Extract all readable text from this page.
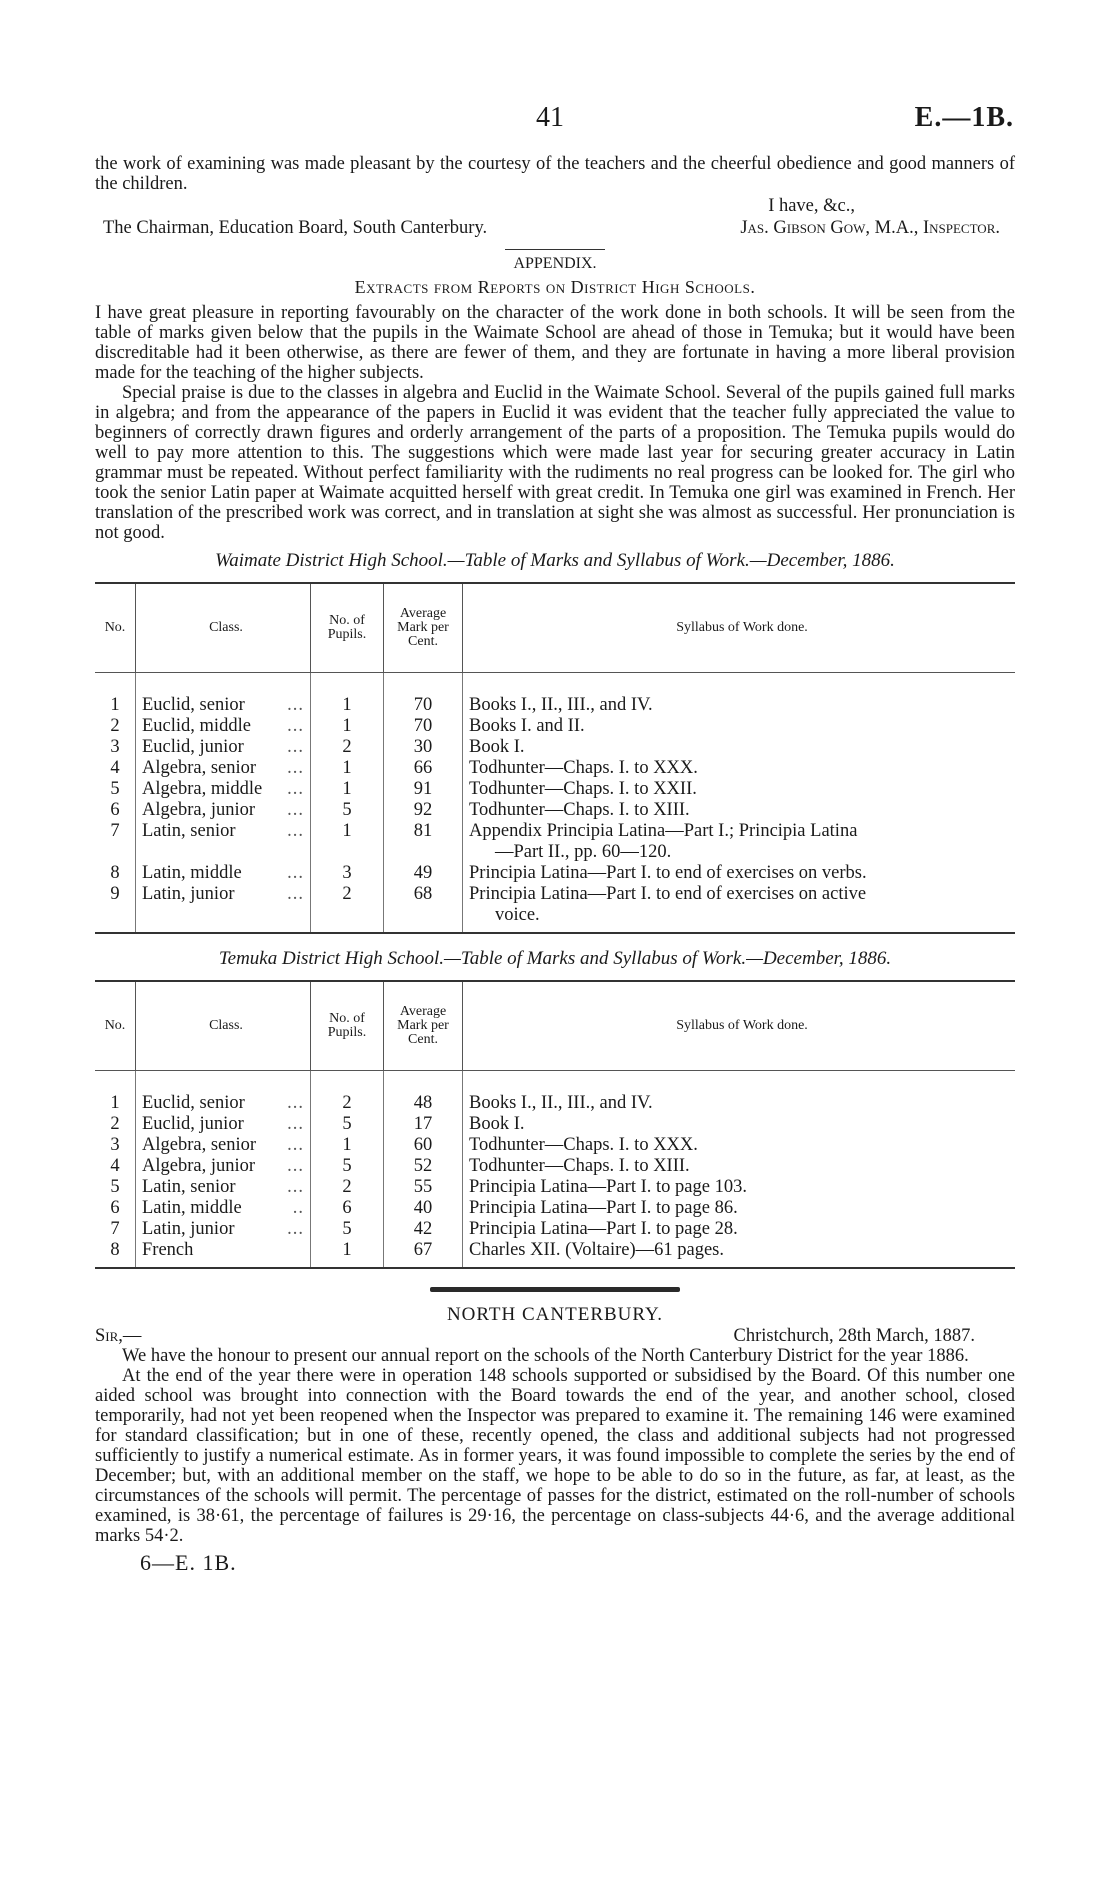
41	E.—1B.

the work of examining was made pleasant by the courtesy of the teachers and the cheerful obedience and good manners of the children.

I have, &c.,
The Chairman, Education Board, South Canterbury.	Jas. Gibson Gow, M.A., Inspector.

APPENDIX.

Extracts from Reports on District High Schools.

I have great pleasure in reporting favourably on the character of the work done in both schools. It will be seen from the table of marks given below that the pupils in the Waimate School are ahead of those in Temuka; but it would have been discreditable had it been otherwise, as there are fewer of them, and they are fortunate in having a more liberal provision made for the teaching of the higher subjects.

Special praise is due to the classes in algebra and Euclid in the Waimate School. Several of the pupils gained full marks in algebra; and from the appearance of the papers in Euclid it was evident that the teacher fully appreciated the value to beginners of correctly drawn figures and orderly arrangement of the parts of a proposition. The Temuka pupils would do well to pay more attention to this. The suggestions which were made last year for securing greater accuracy in Latin grammar must be repeated. Without perfect familiarity with the rudiments no real progress can be looked for. The girl who took the senior Latin paper at Waimate acquitted herself with great credit. In Temuka one girl was examined in French. Her translation of the prescribed work was correct, and in translation at sight she was almost as successful. Her pronunciation is not good.

Waimate District High School.—Table of Marks and Syllabus of Work.—December, 1886.

No.	Class.	No. of Pupils.	Average Mark per Cent.	Syllabus of Work done.

1	Euclid, senior ...	1	70	Books I., II., III., and IV.
2	Euclid, middle ...	1	70	Books I. and II.
3	Euclid, junior ...	2	30	Book I.
4	Algebra, senior ...	1	66	Todhunter—Chaps. I. to XXX.
5	Algebra, middle ...	1	91	Todhunter—Chaps. I. to XXII.
6	Algebra, junior ...	5	92	Todhunter—Chaps. I. to XIII.
7	Latin, senior ...	1	81	Appendix Principia Latina—Part I.; Principia Latina
—Part II., pp. 60—120.

8	Latin, middle ...	3	49	Principia Latina—Part I. to end of exercises on verbs.
9	Latin, junior ...	2	68	Principia Latina—Part I. to end of exercises on active
voice.

Temuka District High School.—Table of Marks and Syllabus of Work.—December, 1886.

No.	Class.	No. of Pupils.	Average Mark per Cent.	Syllabus of Work done.

1	Euclid, senior ...	2	48	Books I., II., III., and IV.
2	Euclid, junior ...	5	17	Book I.
3	Algebra, senior ...	1	60	Todhunter—Chaps. I. to XXX.
4	Algebra, junior ...	5	52	Todhunter—Chaps. I. to XIII.
5	Latin, senior ...	2	55	Principia Latina—Part I. to page 103.
6	Latin, middle ..	6	40	Principia Latina—Part I. to page 86.
7	Latin, junior ...	5	42	Principia Latina—Part I. to page 28.
8	French	1	67	Charles XII. (Voltaire)—61 pages.

NORTH CANTERBURY.

Sir,—	Christchurch, 28th March, 1887.

We have the honour to present our annual report on the schools of the North Canterbury District for the year 1886.

At the end of the year there were in operation 148 schools supported or subsidised by the Board. Of this number one aided school was brought into connection with the Board towards the end of the year, and another school, closed temporarily, had not yet been reopened when the Inspector was prepared to examine it. The remaining 146 were examined for standard classification; but in one of these, recently opened, the class and additional subjects had not progressed sufficiently to justify a numerical estimate. As in former years, it was found impossible to complete the series by the end of December; but, with an additional member on the staff, we hope to be able to do so in the future, as far, at least, as the circumstances of the schools will permit. The percentage of passes for the district, estimated on the roll-number of schools examined, is 38·61, the percentage of failures is 29·16, the percentage on class-subjects 44·6, and the average additional marks 54·2.

6—E. 1B.
